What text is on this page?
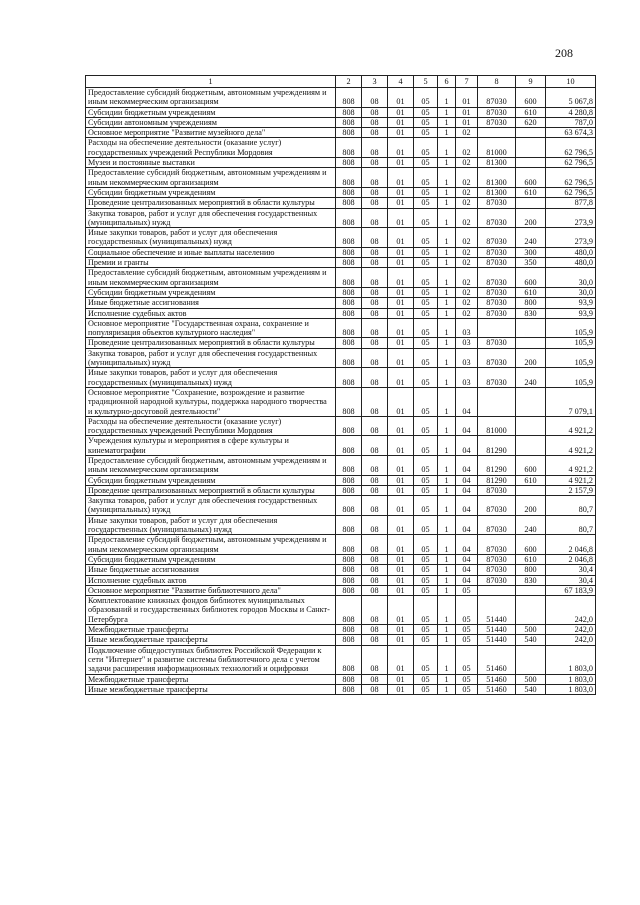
208
1	2	3	4	5	6	7	8	9	10
Предоставление субсидий бюджетным, автономным учреждениям и иным некоммерческим организациям	808	08	01	05	1	01	87030	600	5 067,8
Субсидии бюджетным учреждениям	808	08	01	05	1	01	87030	610	4 280,8
Субсидии автономным учреждениям	808	08	01	05	1	01	87030	620	787,0
Основное мероприятие "Развитие музейного дела"	808	08	01	05	1	02			63 674,3
Расходы на обеспечение деятельности (оказание услуг) государственных учреждений Республики Мордовия	808	08	01	05	1	02	81000		62 796,5
Музеи и постоянные выставки	808	08	01	05	1	02	81300		62 796,5
Предоставление субсидий бюджетным, автономным учреждениям и иным некоммерческим организациям	808	08	01	05	1	02	81300	600	62 796,5
Субсидии бюджетным учреждениям	808	08	01	05	1	02	81300	610	62 796,5
Проведение централизованных мероприятий в области культуры	808	08	01	05	1	02	87030		877,8
Закупка товаров, работ и услуг для обеспечения государственных (муниципальных) нужд	808	08	01	05	1	02	87030	200	273,9
Иные закупки товаров, работ и услуг для обеспечения государственных (муниципальных) нужд	808	08	01	05	1	02	87030	240	273,9
Социальное обеспечение и иные выплаты населению	808	08	01	05	1	02	87030	300	480,0
Премии и гранты	808	08	01	05	1	02	87030	350	480,0
Предоставление субсидий бюджетным, автономным учреждениям и иным некоммерческим организациям	808	08	01	05	1	02	87030	600	30,0
Субсидии бюджетным учреждениям	808	08	01	05	1	02	87030	610	30,0
Иные бюджетные ассигнования	808	08	01	05	1	02	87030	800	93,9
Исполнение судебных актов	808	08	01	05	1	02	87030	830	93,9
Основное мероприятие "Государственная охрана, сохранение и популяризация объектов культурного наследия"	808	08	01	05	1	03			105,9
Проведение централизованных мероприятий в области культуры	808	08	01	05	1	03	87030		105,9
Закупка товаров, работ и услуг для обеспечения государственных (муниципальных) нужд	808	08	01	05	1	03	87030	200	105,9
Иные закупки товаров, работ и услуг для обеспечения государственных (муниципальных) нужд	808	08	01	05	1	03	87030	240	105,9
Основное мероприятие "Сохранение, возрождение и развитие традиционной народной культуры, поддержка народного творчества и культурно-досуговой деятельности"	808	08	01	05	1	04			7 079,1
Расходы на обеспечение деятельности (оказание услуг) государственных учреждений Республики Мордовия	808	08	01	05	1	04	81000		4 921,2
Учреждения культуры и мероприятия в сфере культуры и кинематографии	808	08	01	05	1	04	81290		4 921,2
Предоставление субсидий бюджетным, автономным учреждениям и иным некоммерческим организациям	808	08	01	05	1	04	81290	600	4 921,2
Субсидии бюджетным учреждениям	808	08	01	05	1	04	81290	610	4 921,2
Проведение централизованных мероприятий в области культуры	808	08	01	05	1	04	87030		2 157,9
Закупка товаров, работ и услуг для обеспечения государственных (муниципальных) нужд	808	08	01	05	1	04	87030	200	80,7
Иные закупки товаров, работ и услуг для обеспечения государственных (муниципальных) нужд	808	08	01	05	1	04	87030	240	80,7
Предоставление субсидий бюджетным, автономным учреждениям и иным некоммерческим организациям	808	08	01	05	1	04	87030	600	2 046,8
Субсидии бюджетным учреждениям	808	08	01	05	1	04	87030	610	2 046,8
Иные бюджетные ассигнования	808	08	01	05	1	04	87030	800	30,4
Исполнение судебных актов	808	08	01	05	1	04	87030	830	30,4
Основное мероприятие "Развитие библиотечного дела"	808	08	01	05	1	05			67 183,9
Комплектование книжных фондов библиотек муниципальных образований и государственных библиотек городов Москвы и Санкт-Петербурга	808	08	01	05	1	05	51440		242,0
Межбюджетные трансферты	808	08	01	05	1	05	51440	500	242,0
Иные межбюджетные трансферты	808	08	01	05	1	05	51440	540	242,0
Подключение общедоступных библиотек Российской Федерации к сети "Интернет" и развитие системы библиотечного дела с учетом задачи расширения информационных технологий и оцифровки	808	08	01	05	1	05	51460		1 803,0
Межбюджетные трансферты	808	08	01	05	1	05	51460	500	1 803,0
Иные межбюджетные трансферты	808	08	01	05	1	05	51460	540	1 803,0
